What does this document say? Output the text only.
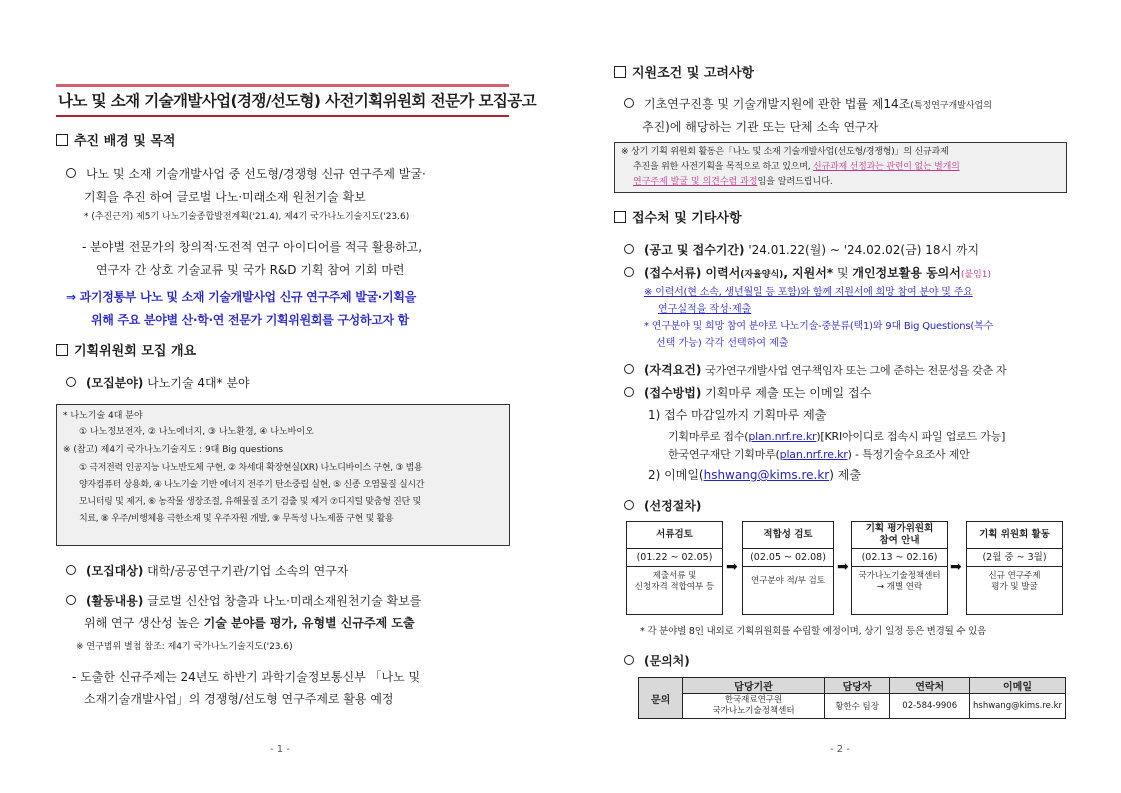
나노 및 소재 기술개발사업(경쟁/선도형) 사전기획위원회 전문가 모집공고
추진 배경 및 목적
나노 및 소재 기술개발사업 중 선도형/경쟁형 신규 연구주제 발굴·
기획을 추진 하여 글로벌 나노·미래소재 원천기술 확보
* (추진근거) 제5기 나노기술종합발전계획('21.4), 제4기 국가나노기술지도('23.6)
- 분야별 전문가의 창의적·도전적 연구 아이디어를 적극 활용하고,
연구자 간 상호 기술교류 및 국가 R&D 기획 참여 기회 마련
⇒ 과기정통부 나노 및 소재 기술개발사업 신규 연구주제 발굴·기획을
위해 주요 분야별 산·학·연 전문가 기획위원회를 구성하고자 함
기획위원회 모집 개요
(모집분야) 나노기술 4대* 분야
* 나노기술 4대 분야
① 나노정보전자, ② 나노에너지, ③ 나노환경, ④ 나노바이오
※ (참고) 제4기 국가나노기술지도 : 9대 Big questions
① 극저전력 인공지능 나노반도체 구현, ② 차세대 확장현실(XR) 나노디바이스 구현, ③ 범용
양자컴퓨터 상용화, ④ 나노기술 기반 에너지 전주기 탄소중립 실현, ⑤ 신종 오염물질 실시간
모니터링 및 제거, ⑥ 농작물 생장조절, 유해물질 조기 검출 및 제거 ⑦디지털 맞춤형 진단 및
치료, ⑧ 우주/비행체용 극한소재 및 우주자원 개발, ⑨ 무독성 나노제품 구현 및 활용
(모집대상) 대학/공공연구기관/기업 소속의 연구자
(활동내용) 글로벌 신산업 창출과 나노·미래소재원천기술 확보를
위해 연구 생산성 높은 기술 분야를 평가, 유형별 신규주제 도출
※ 연구범위 별첨 참조: 제4기 국가나노기술지도('23.6)
- 도출한 신규주제는 24년도 하반기 과학기술정보통신부 「나노 및
소재기술개발사업」의 경쟁형/선도형 연구주제로 활용 예정
- 1 -
지원조건 및 고려사항
기초연구진흥 및 기술개발지원에 관한 법률 제14조(특정연구개발사업의
추진)에 해당하는 기관 또는 단체 소속 연구자
※ 상기 기획 위원회 활동은「나노 및 소재 기술개발사업(선도형/경쟁형)」의 신규과제
추진을 위한 사전기획을 목적으로 하고 있으며, 신규과제 선정과는 관련이 없는 별개의
연구주제 발굴 및 의견수렴 과정임을 알려드립니다.
접수처 및 기타사항
(공고 및 접수기간) '24.01.22(월) ~ '24.02.02(금) 18시 까지
(접수서류) 이력서(자율양식), 지원서* 및 개인정보활용 동의서(붙임1)
※ 이력서(현 소속, 생년월일 등 포함)와 함께 지원서에 희망 참여 분야 및 주요
연구실적을 작성·제출
* 연구분야 및 희망 참여 분야로 나노기술-중분류(택1)와 9대 Big Questions(복수
선택 가능) 각각 선택하여 제출
(자격요건) 국가연구개발사업 연구책임자 또는 그에 준하는 전문성을 갖춘 자
(접수방법) 기획마루 제출 또는 이메일 접수
1) 접수 마감일까지 기획마루 제출
기획마루로 접수(plan.nrf.re.kr)[KRI아이디로 접속시 파일 업로드 가능]
한국연구재단 기획마루(plan.nrf.re.kr) - 특정기술수요조사 제안
2) 이메일(hshwang@kims.re.kr) 제출
(선정절차)
서류검토
(01.22 ~ 02.05)
제출서류 및
신청자격 적합여부 등
➡
적합성 검토
(02.05 ~ 02.08)
연구분야 적/부 검토
➡
기획 평가위원회 참여 안내
(02.13 ~ 02.16)
국가나노기술정책센터
→ 개별 연락
➡
기획 위원회 활동
(2월 중 ~ 3월)
신규 연구주제
평가 및 발굴
* 각 분야별 8인 내외로 기획위원회를 수립할 예정이며, 상기 일정 등은 변경될 수 있음
(문의처)
문의	담당기관	담당자	연락처	이메일

	한국재료연구원
국가나노기술정책센터	황한수 팀장	02-584-9906	hshwang@kims.re.kr
- 2 -
